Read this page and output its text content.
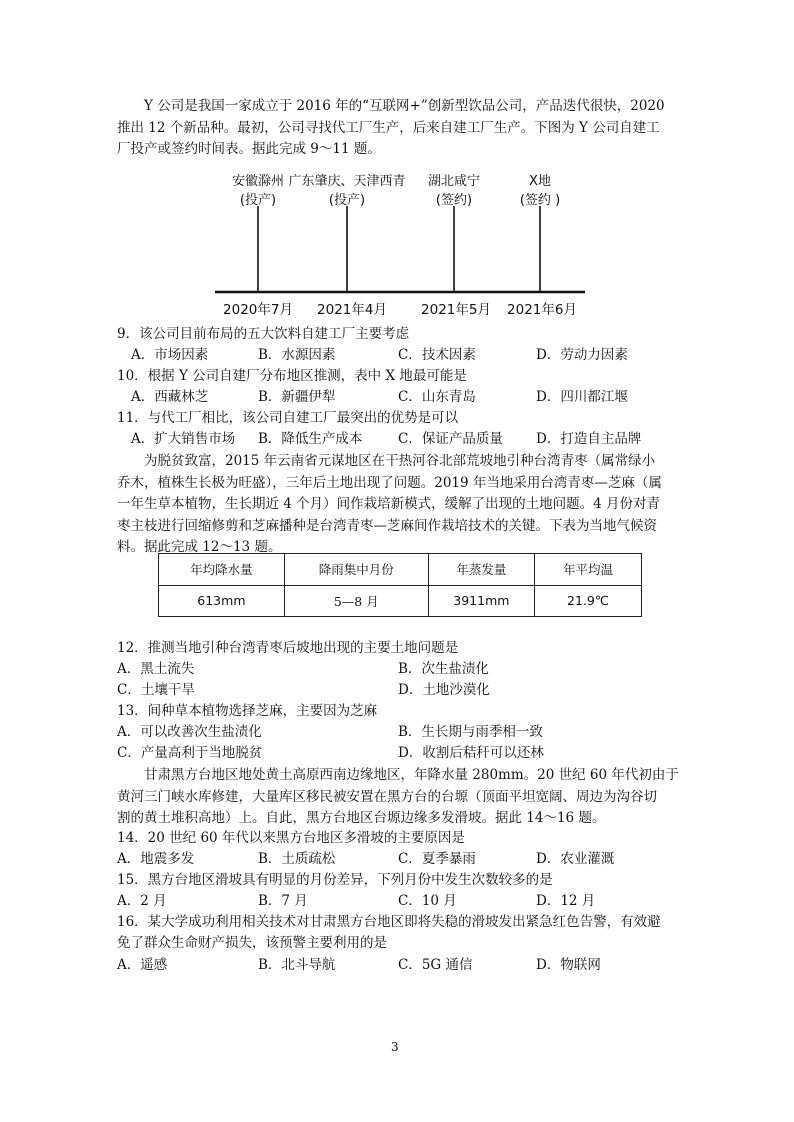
Y 公司是我国一家成立于 2016 年的“互联网+”创新型饮品公司，产品迭代很快，2020

推出 12 个新品种。最初，公司寻找代工厂生产，后来自建工厂生产。下图为 Y 公司自建工

厂投产或签约时间表。据此完成 9～11 题。

安徽滁州
(投产)
广东肇庆、天津西青
(投产)
湖北咸宁
(签约)
X地
(签约 )
2020年7月	2021年4月	2021年5月	2021年6月
9．该公司目前布局的五大饮料自建工厂主要考虑
A．市场因素	B．水源因素	C．技术因素	D．劳动力因素
10．根据 Y 公司自建厂分布地区推测，表中 X 地最可能是
A．西藏林芝	B．新疆伊犁	C．山东青岛	D．四川都江堰
11．与代工厂相比，该公司自建工厂最突出的优势是可以
A．扩大销售市场 B．降低生产成本	C．保证产品质量 D．打造自主品牌

为脱贫致富，2015 年云南省元谋地区在干热河谷北部荒坡地引种台湾青枣（属常绿小

乔木，植株生长极为旺盛），三年后土地出现了问题。2019 年当地采用台湾青枣—芝麻（属

一年生草本植物，生长期近 4 个月）间作栽培新模式，缓解了出现的土地问题。4 月份对青

枣主枝进行回缩修剪和芝麻播种是台湾青枣—芝麻间作栽培技术的关键。下表为当地气候资

料。据此完成 12～13 题。

年均降水量	降雨集中月份	年蒸发量	年平均温
613mm	5—8 月	3911mm	21.9℃
12．推测当地引种台湾青枣后坡地出现的主要土地问题是
A．黑土流失	B．次生盐渍化
C．土壤干旱	D．土地沙漠化
13．间种草本植物选择芝麻，主要因为芝麻
A．可以改善次生盐渍化	B．生长期与雨季相一致
C．产量高利于当地脱贫	D．收割后秸秆可以还林

甘肃黑方台地区地处黄土高原西南边缘地区，年降水量 280mm。20 世纪 60 年代初由于

黄河三门峡水库修建，大量库区移民被安置在黑方台的台塬（顶面平坦宽阔、周边为沟谷切

割的黄土堆积高地）上。自此，黑方台地区台塬边缘多发滑坡。据此 14～16 题。

14．20 世纪 60 年代以来黑方台地区多滑坡的主要原因是
A．地震多发	B．土质疏松	C．夏季暴雨	D．农业灌溉
15．黑方台地区滑坡具有明显的月份差异，下列月份中发生次数较多的是
A．2 月	B．7 月	C．10 月	D．12 月
16．某大学成功利用相关技术对甘肃黑方台地区即将失稳的滑坡发出紧急红色告警，有效避
免了群众生命财产损失，该预警主要利用的是
A．遥感	B．北斗导航	C．5G 通信	D．物联网
3
